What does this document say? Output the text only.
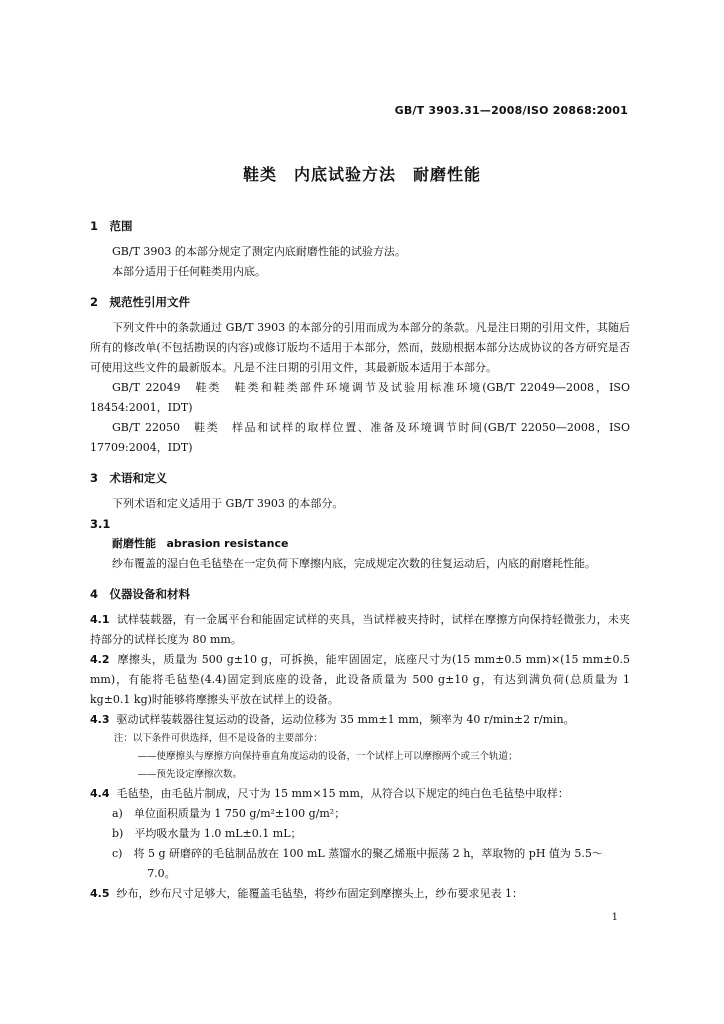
GB/T 3903.31—2008/ISO 20868:2001
鞋类　内底试验方法　耐磨性能

1　范围

GB/T 3903 的本部分规定了测定内底耐磨性能的试验方法。

本部分适用于任何鞋类用内底。

2　规范性引用文件

下列文件中的条款通过 GB/T 3903 的本部分的引用而成为本部分的条款。凡是注日期的引用文件，其随后所有的修改单(不包括勘误的内容)或修订版均不适用于本部分，然而，鼓励根据本部分达成协议的各方研究是否可使用这些文件的最新版本。凡是不注日期的引用文件，其最新版本适用于本部分。

GB/T 22049　鞋类　鞋类和鞋类部件环境调节及试验用标准环境(GB/T 22049—2008，ISO 18454:2001，IDT)

GB/T 22050　鞋类　样品和试样的取样位置、准备及环境调节时间(GB/T 22050—2008，ISO 17709:2004，IDT)

3　术语和定义

下列术语和定义适用于 GB/T 3903 的本部分。

3.1

耐磨性能 abrasion resistance

纱布覆盖的湿白色毛毡垫在一定负荷下摩擦内底，完成规定次数的往复运动后，内底的耐磨耗性能。

4　仪器设备和材料

4.1 试样装载器，有一金属平台和能固定试样的夹具，当试样被夹持时，试样在摩擦方向保持轻微张力，未夹持部分的试样长度为 80 mm。

4.2 摩擦头，质量为 500 g±10 g，可拆换，能牢固固定，底座尺寸为(15 mm±0.5 mm)×(15 mm±0.5 mm)，有能将毛毡垫(4.4)固定到底座的设备，此设备质量为 500 g±10 g，有达到满负荷(总质量为 1 kg±0.1 kg)时能够将摩擦头平放在试样上的设备。

4.3 驱动试样装载器往复运动的设备，运动位移为 35 mm±1 mm，频率为 40 r/min±2 r/min。

注：以下条件可供选择，但不是设备的主要部分：

——使摩擦头与摩擦方向保持垂直角度运动的设备，一个试样上可以摩擦两个或三个轨道；

——预先设定摩擦次数。

4.4 毛毡垫，由毛毡片制成，尺寸为 15 mm×15 mm，从符合以下规定的纯白色毛毡垫中取样：

a)　单位面积质量为 1 750 g/m²±100 g/m²；

b)　平均吸水量为 1.0 mL±0.1 mL；

c)　将 5 g 研磨碎的毛毡制品放在 100 mL 蒸馏水的聚乙烯瓶中振荡 2 h，萃取物的 pH 值为 5.5～
7.0。

4.5 纱布，纱布尺寸足够大，能覆盖毛毡垫，将纱布固定到摩擦头上，纱布要求见表 1：

1
